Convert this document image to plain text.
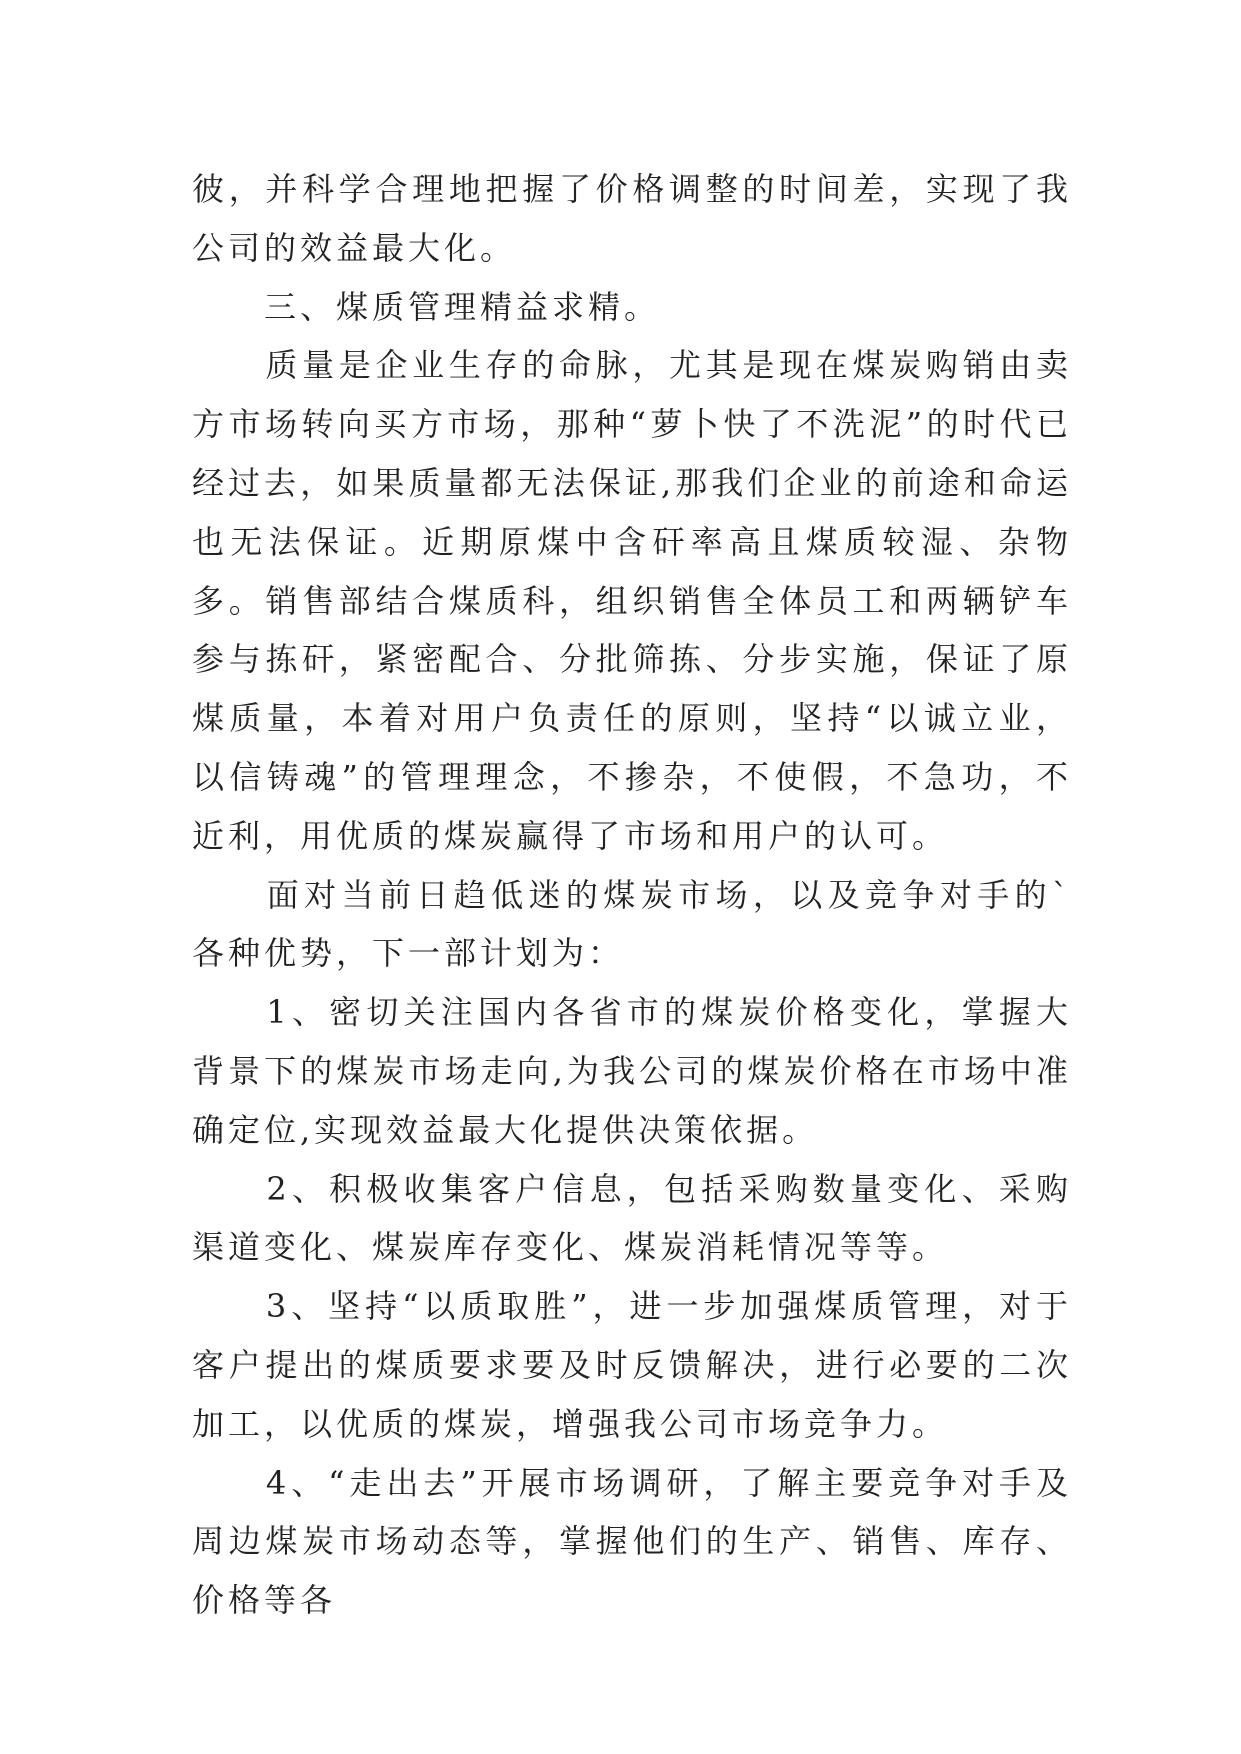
彼，并科学合理地把握了价格调整的时间差，实现了我公司的效益最大化。

　　三、煤质管理精益求精。

　　质量是企业生存的命脉，尤其是现在煤炭购销由卖方市场转向买方市场，那种“萝卜快了不洗泥”的时代已经过去，如果质量都无法保证,那我们企业的前途和命运也无法保证。近期原煤中含矸率高且煤质较湿、杂物多。销售部结合煤质科，组织销售全体员工和两辆铲车参与拣矸，紧密配合、分批筛拣、分步实施，保证了原煤质量，本着对用户负责任的原则，坚持“以诚立业，以信铸魂”的管理理念，不掺杂，不使假，不急功，不近利，用优质的煤炭赢得了市场和用户的认可。

　　面对当前日趋低迷的煤炭市场，以及竞争对手的`各种优势，下一部计划为：

　　1、密切关注国内各省市的煤炭价格变化，掌握大背景下的煤炭市场走向,为我公司的煤炭价格在市场中准确定位,实现效益最大化提供决策依据。

　　2、积极收集客户信息，包括采购数量变化、采购渠道变化、煤炭库存变化、煤炭消耗情况等等。

　　3、坚持“以质取胜”，进一步加强煤质管理，对于客户提出的煤质要求要及时反馈解决，进行必要的二次加工，以优质的煤炭，增强我公司市场竞争力。

　　4、“走出去”开展市场调研，了解主要竞争对手及周边煤炭市场动态等，掌握他们的生产、销售、库存、价格等各
